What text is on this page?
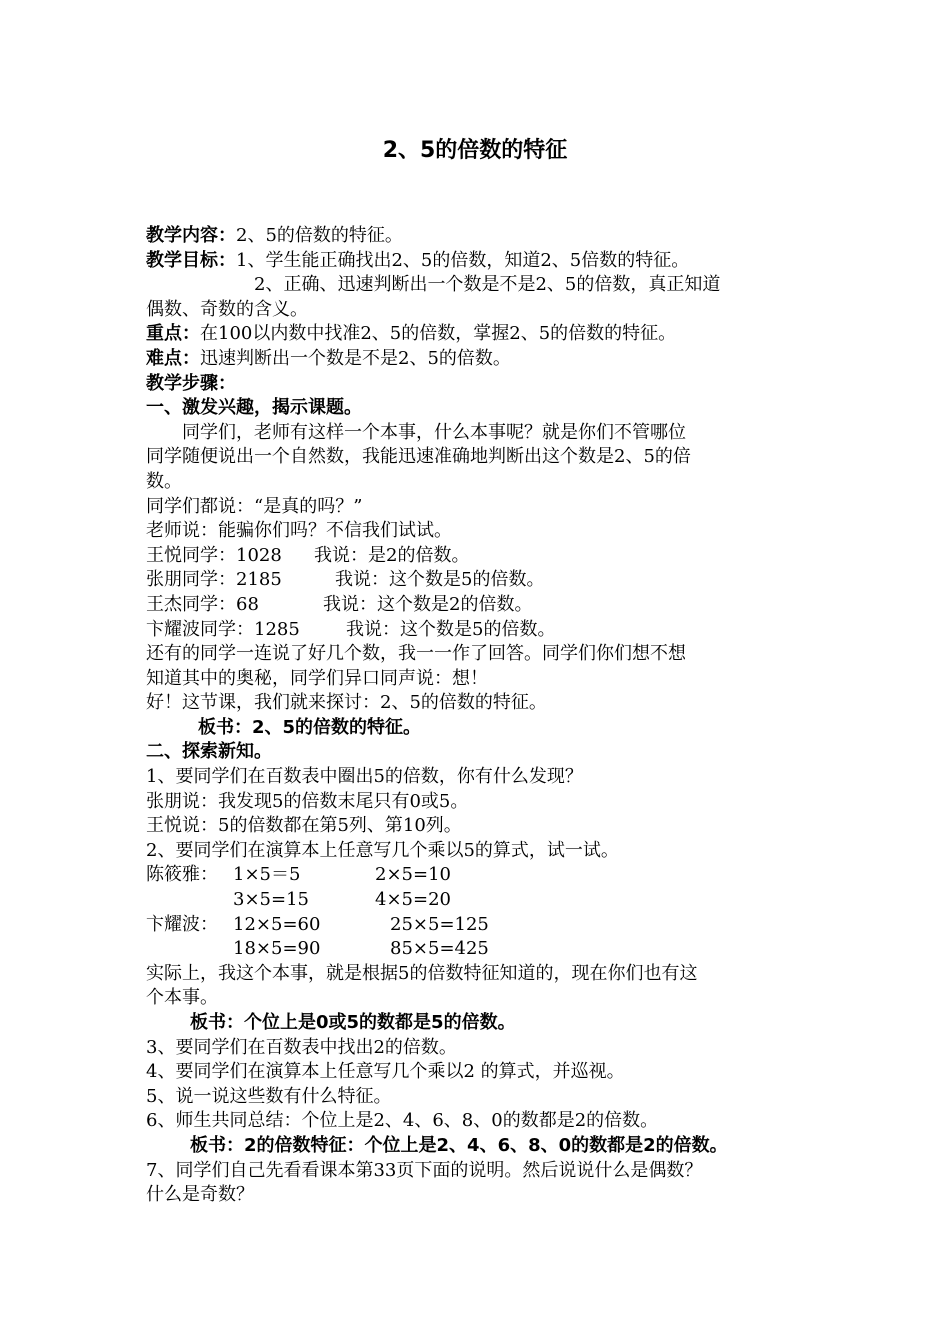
2、5的倍数的特征
教学内容：2、5的倍数的特征。
教学目标：1、学生能正确找出2、5的倍数，知道2、5倍数的特征。
2、正确、迅速判断出一个数是不是2、5的倍数，真正知道
偶数、奇数的含义。
重点：在100以内数中找准2、5的倍数，掌握2、5的倍数的特征。
难点：迅速判断出一个数是不是2、5的倍数。
教学步骤：
一、激发兴趣，揭示课题。
同学们，老师有这样一个本事，什么本事呢？就是你们不管哪位
同学随便说出一个自然数，我能迅速准确地判断出这个数是2、5的倍
数。
同学们都说：“是真的吗？”
老师说：能骗你们吗？不信我们试试。
王悦同学：1028 我说：是2的倍数。
张朋同学：2185	我说：这个数是5的倍数。
王杰同学：68	我说：这个数是2的倍数。
卞耀波同学：1285	我说：这个数是5的倍数。
还有的同学一连说了好几个数，我一一作了回答。同学们你们想不想
知道其中的奥秘，同学们异口同声说：想！
好！这节课，我们就来探讨：2、5的倍数的特征。
板书：2、5的倍数的特征。
二、探索新知。
1、要同学们在百数表中圈出5的倍数，你有什么发现？
张朋说：我发现5的倍数末尾只有0或5。
王悦说：5的倍数都在第5列、第10列。
2、要同学们在演算本上任意写几个乘以5的算式，试一试。
陈筱雅： 1×5＝5	2×5=10
3×5=15	4×5=20
卞耀波： 12×5=60	25×5=125
18×5=90	85×5=425
实际上，我这个本事，就是根据5的倍数特征知道的，现在你们也有这
个本事。
板书：个位上是0或5的数都是5的倍数。
3、要同学们在百数表中找出2的倍数。
4、要同学们在演算本上任意写几个乘以2 的算式，并巡视。
5、说一说这些数有什么特征。
6、师生共同总结：个位上是2、4、6、8、0的数都是2的倍数。
板书：2的倍数特征：个位上是2、4、6、8、0的数都是2的倍数。
7、同学们自己先看看课本第33页下面的说明。然后说说什么是偶数？
什么是奇数？
